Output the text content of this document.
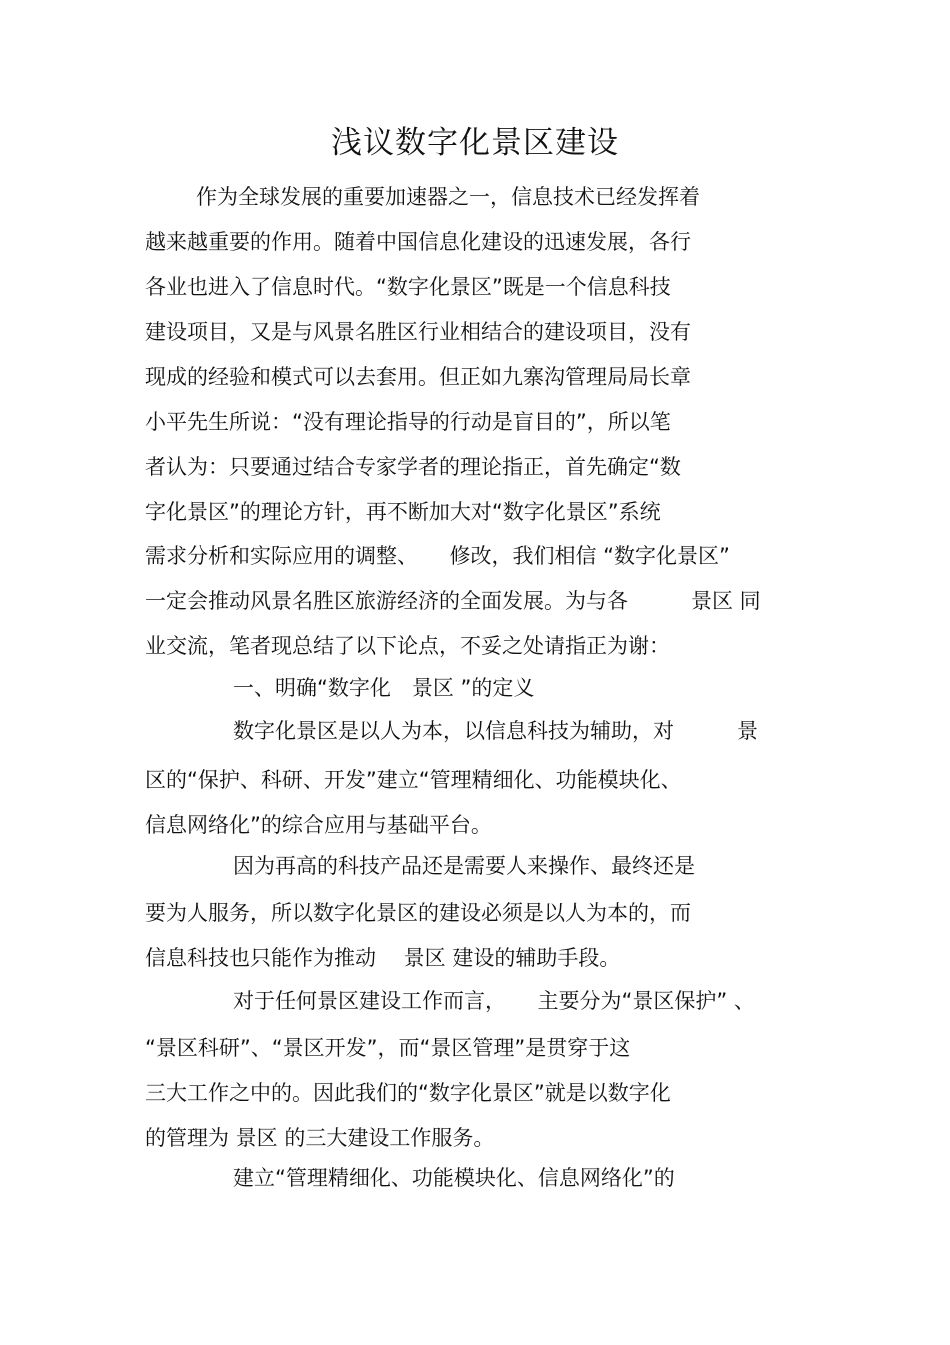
浅议数字化景区建设
作为全球发展的重要加速器之一，信息技术已经发挥着
越来越重要的作用。随着中国信息化建设的迅速发展，各行
各业也进入了信息时代。“数字化景区”既是一个信息科技
建设项目，又是与风景名胜区行业相结合的建设项目，没有
现成的经验和模式可以去套用。但正如九寨沟管理局局长章
小平先生所说：“没有理论指导的行动是盲目的”，所以笔
者认为：只要通过结合专家学者的理论指正，首先确定“数
字化景区”的理论方针，再不断加大对“数字化景区”系统
需求分析和实际应用的调整、　　修改，我们相信 “数字化景区”
一定会推动风景名胜区旅游经济的全面发展。为与各　　　景区 同
业交流，笔者现总结了以下论点，不妥之处请指正为谢：
一、明确“数字化　景区 ”的定义
数字化景区是以人为本，以信息科技为辅助，对　　　景
区的“保护、科研、开发”建立“管理精细化、功能模块化、
信息网络化”的综合应用与基础平台。
因为再高的科技产品还是需要人来操作、最终还是
要为人服务，所以数字化景区的建设必须是以人为本的，而
信息科技也只能作为推动　 景区 建设的辅助手段。
对于任何景区建设工作而言，　　主要分为“景区保护” 、
“景区科研”、“景区开发”，而“景区管理”是贯穿于这
三大工作之中的。因此我们的“数字化景区”就是以数字化
的管理为 景区 的三大建设工作服务。
建立“管理精细化、功能模块化、信息网络化”的
